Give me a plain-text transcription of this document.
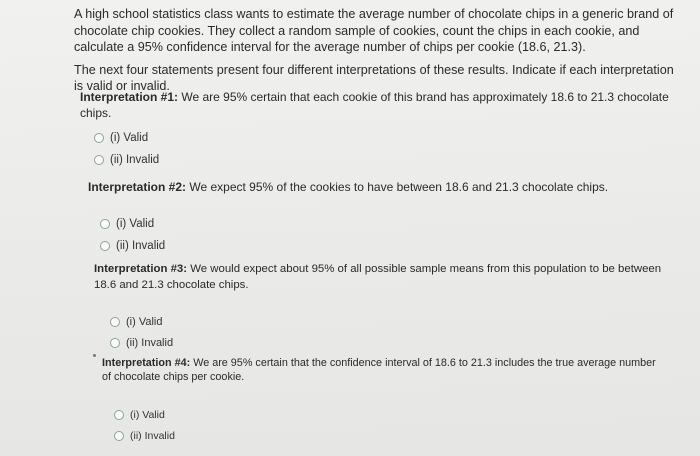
A high school statistics class wants to estimate the average number of chocolate chips in a generic brand of chocolate chip cookies. They collect a random sample of cookies, count the chips in each cookie, and calculate a 95% confidence interval for the average number of chips per cookie (18.6, 21.3).

The next four statements present four different interpretations of these results. Indicate if each interpretation is valid or invalid.

Interpretation #1: We are 95% certain that each cookie of this brand has approximately 18.6 to 21.3 chocolate chips.
(i) Valid
(ii) Invalid
Interpretation #2: We expect 95% of the cookies to have between 18.6 and 21.3 chocolate chips.
(i) Valid
(ii) Invalid
Interpretation #3: We would expect about 95% of all possible sample means from this population to be between 18.6 and 21.3 chocolate chips.
(i) Valid
(ii) Invalid
Interpretation #4: We are 95% certain that the confidence interval of 18.6 to 21.3 includes the true average number of chocolate chips per cookie.
(i) Valid
(ii) Invalid
